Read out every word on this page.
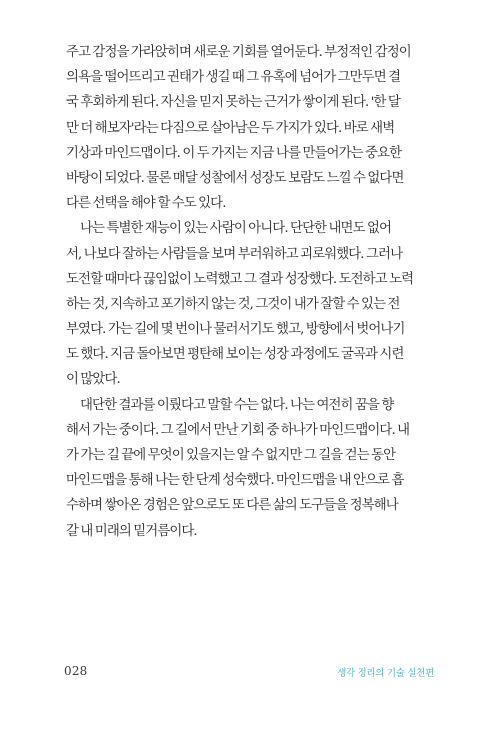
주고 감정을 가라앉히며 새로운 기회를 열어둔다. 부정적인 감정이
의욕을 떨어뜨리고 권태가 생길 때 그 유혹에 넘어가 그만두면 결
국 후회하게 된다. 자신을 믿지 못하는 근거가 쌓이게 된다. '한 달
만 더 해보자'라는 다짐으로 살아남은 두 가지가 있다. 바로 새벽
기상과 마인드맵이다. 이 두 가지는 지금 나를 만들어가는 중요한
바탕이 되었다. 물론 매달 성찰에서 성장도 보람도 느낄 수 없다면
다른 선택을 해야 할 수도 있다.
나는 특별한 재능이 있는 사람이 아니다. 단단한 내면도 없어
서, 나보다 잘하는 사람들을 보며 부러워하고 괴로워했다. 그러나
도전할 때마다 끊임없이 노력했고 그 결과 성장했다. 도전하고 노력
하는 것, 지속하고 포기하지 않는 것, 그것이 내가 잘할 수 있는 전
부였다. 가는 길에 몇 번이나 물러서기도 했고, 방향에서 벗어나기
도 했다. 지금 돌아보면 평탄해 보이는 성장 과정에도 굴곡과 시련
이 많았다.
대단한 결과를 이뤘다고 말할 수는 없다. 나는 여전히 꿈을 향
해서 가는 중이다. 그 길에서 만난 기회 중 하나가 마인드맵이다. 내
가 가는 길 끝에 무엇이 있을지는 알 수 없지만 그 길을 걷는 동안
마인드맵을 통해 나는 한 단계 성숙했다. 마인드맵을 내 안으로 흡
수하며 쌓아온 경험은 앞으로도 또 다른 삶의 도구들을 정복해나
갈 내 미래의 밑거름이다.
028	생각 정리의 기술 실천편
